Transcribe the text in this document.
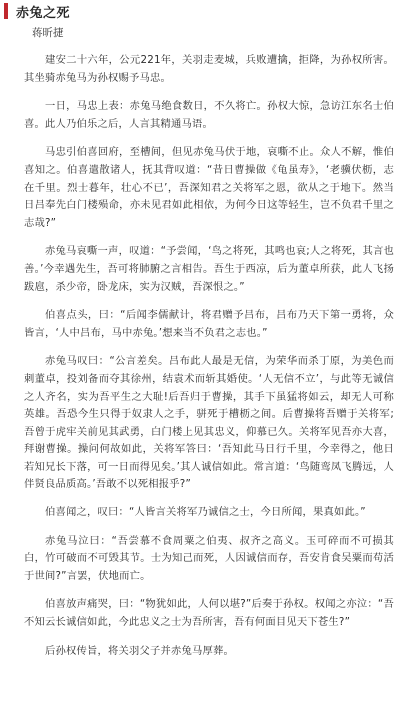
赤兔之死
蒋昕捷

建安二十六年，公元221年，关羽走麦城，兵败遭擒，拒降，为孙权所害。其坐骑赤兔马为孙权赐予马忠。

一日，马忠上表：赤兔马绝食数日，不久将亡。孙权大惊，急访江东名士伯喜。此人乃伯乐之后，人言其精通马语。

马忠引伯喜回府，至槽间，但见赤兔马伏于地，哀嘶不止。众人不解，惟伯喜知之。伯喜遣散诸人，抚其背叹道：“昔日曹操做《龟虽寿》，‘老骥伏枥，志在千里。烈士暮年，壮心不已’，吾深知君之关将军之恩，欲从之于地下。然当日吕奉先白门楼殒命，亦未见君如此相依，为何今日这等轻生，岂不负君千里之志哉?”

赤兔马哀嘶一声，叹道：“予尝闻，‘鸟之将死，其鸣也哀;人之将死，其言也善。’今幸遇先生，吾可将肺腑之言相告。吾生于西凉，后为董卓所获，此人飞扬跋扈，杀少帝，卧龙床，实为汉贼，吾深恨之。”

伯喜点头，曰：“后闻李儒献计，将君赠予吕布，吕布乃天下第一勇将，众皆言，‘人中吕布，马中赤兔。’想来当不负君之志也。”

赤兔马叹曰：“公言差矣。吕布此人最是无信，为荣华而杀丁原，为美色而刺董卓，投刘备而夺其徐州，结袁术而斩其婚使。‘人无信不立’，与此等无诚信之人齐名，实为吾平生之大耻!后吾归于曹操，其手下虽猛将如云，却无人可称英雄。吾恐今生只得于奴隶人之手，骈死于槽枥之间。后曹操将吾赠于关将军;吾曾于虎牢关前见其武勇，白门楼上见其忠义，仰慕已久。关将军见吾亦大喜，拜谢曹操。操问何故如此，关将军答曰：‘吾知此马日行千里，今幸得之，他日若知兄长下落，可一日而得见矣。’其人诚信如此。常言道：‘鸟随鸾凤飞腾远，人伴贤良品质高。’吾敢不以死相报乎?”

伯喜闻之，叹曰：“人皆言关将军乃诚信之士，今日所闻，果真如此。”

赤兔马泣曰：“吾尝慕不食周粟之伯夷、叔齐之高义。玉可碎而不可损其白，竹可破而不可毁其节。士为知己而死，人因诚信而存，吾安肯食吴粟而苟活于世间?”言罢，伏地而亡。

伯喜放声痛哭，曰：“物犹如此，人何以堪?”后奏于孙权。权闻之亦泣：“吾不知云长诚信如此，今此忠义之士为吾所害，吾有何面目见天下苍生?”

后孙权传旨，将关羽父子并赤兔马厚葬。
